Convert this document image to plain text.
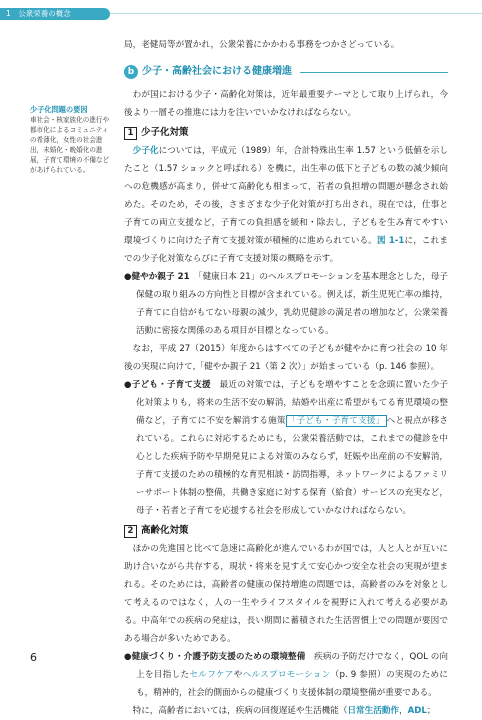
1　公衆栄養の概念
少子化問題の要因
車社会・核家族化の進行や都市化によるコミュニティの希薄化，女性の社会進出，未婚化・晩婚化の進展，子育て環境の不備などがあげられている。

局，老健局等が置かれ，公衆栄養にかかわる事務をつかさどっている。

b 少子・高齢社会における健康増進

わが国における少子・高齢化対策は，近年最重要テーマとして取り上げられ，今後より一層その推進には力を注いでいかなければならない。

1 少子化対策

少子化については，平成元（1989）年，合計特殊出生率 1.57 という低値を示したこと（1.57 ショックと呼ばれる）を機に，出生率の低下と子どもの数の減少傾向への危機感が高まり，併せて高齢化も相まって，若者の負担増の問題が懸念され始めた。そのため，その後，さまざまな少子化対策が打ち出され，現在では，仕事と子育ての両立支援など，子育ての負担感を緩和・除去し，子どもを生み育てやすい環境づくりに向けた子育て支援対策が積極的に進められている。図 1-1に，これまでの少子化対策ならびに子育て支援対策の概略を示す。

●健やか親子 21　 「健康日本 21」のヘルスプロモーションを基本理念とした，母子保健の取り組みの方向性と目標が含まれている。例えば，新生児死亡率の維持，子育てに自信がもてない母親の減少，乳幼児健診の満足者の増加など，公衆栄養活動に密接な関係のある項目が目標となっている。

なお，平成 27（2015）年度からはすべての子どもが健やかに育つ社会の 10 年後の実現に向けて,「健やか親子 21（第 2 次）」が始まっている（p. 146 参照）。

●子ども・子育て支援　 最近の対策では，子どもを増やすことを念頭に置いた少子化対策よりも，将来の生活不安の解消，結婚や出産に希望がもてる育児環境の整備など，子育てに不安を解消する施策 「子ども・子育て支援」 へと視点が移されている。これらに対応するためにも，公衆栄養活動では，これまでの健診を中心とした疾病予防や早期発見による対策のみならず，妊娠や出産前の不安解消，子育て支援のための積極的な育児相談・訪問指導，ネットワークによるファミリーサポート体制の整備，共働き家庭に対する保育（給食）サービスの充実など，母子・若者と子育てを応援する社会を形成していかなければならない。

2 高齢化対策

ほかの先進国と比べて急速に高齢化が進んでいるわが国では，人と人とが互いに助け合いながら共存する，現状・将来を見すえて安心かつ安全な社会の実現が望まれる。そのためには，高齢者の健康の保持増進の問題では，高齢者のみを対象として考えるのではなく，人の一生やライフスタイルを視野に入れて考える必要がある。中高年での疾病の発症は，長い期間に蓄積された生活習慣上での問題が要因である場合が多いためである。

●健康づくり・介護予防支援のための環境整備　 疾病の予防だけでなく，QOL の向上を目指したセルフケアやヘルスプロモーション（p. 9 参照）の実現のためにも，精神的，社会的側面からの健康づくり支援体制の環境整備が重要である。

特に，高齢者においては，疾病の回復遅延や生活機能（日常生活動作，ADL；

6
